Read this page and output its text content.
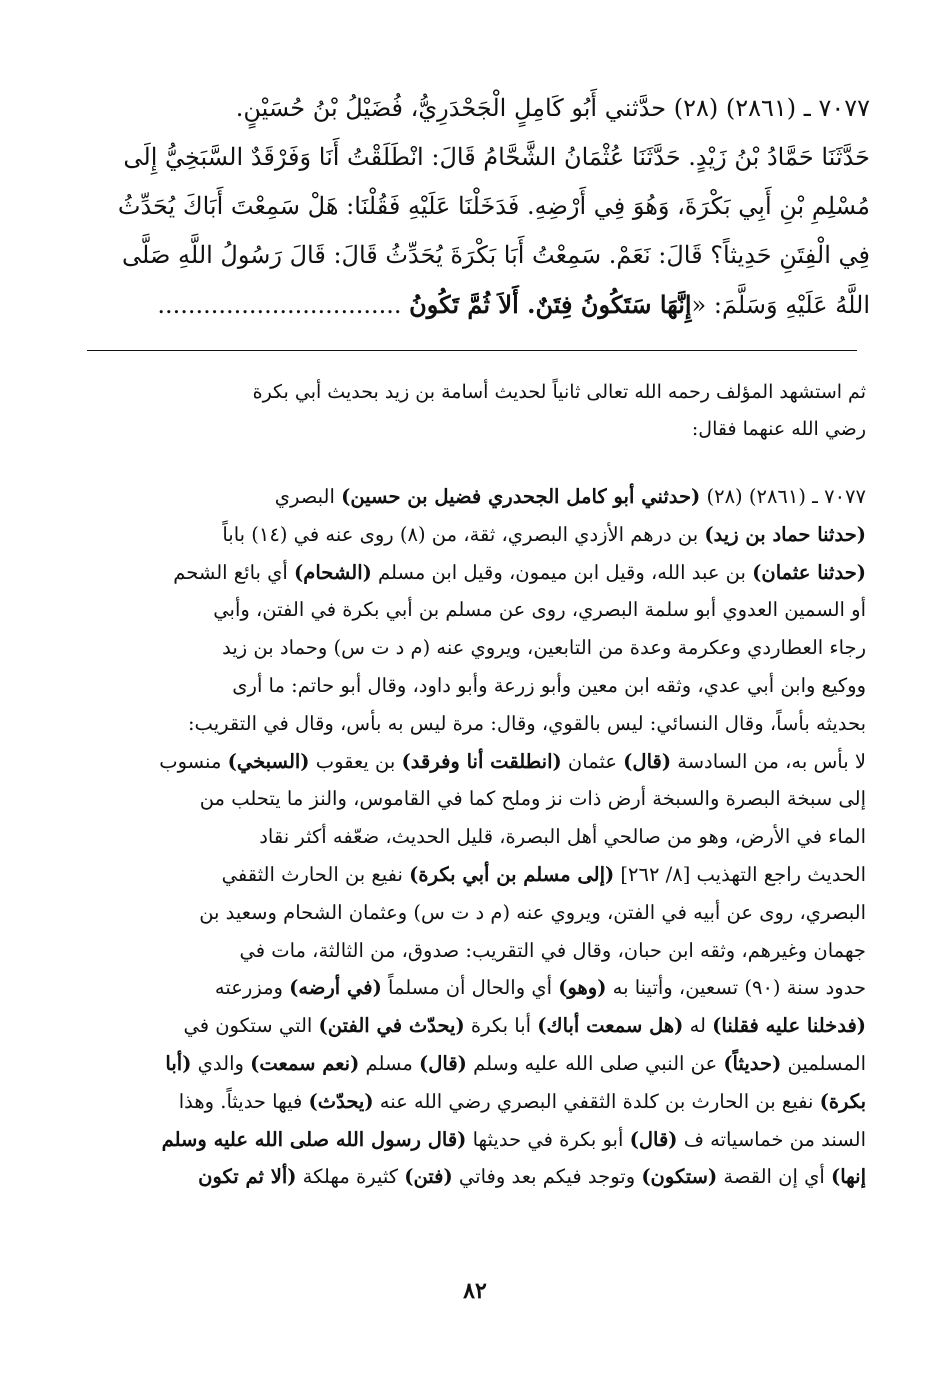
٧٠٧٧ ـ (٢٨٦١) (٢٨) حدَّثني أَبُو كَامِلٍ الْجَحْدَرِيُّ، فُضَيْلُ بْنُ حُسَيْنٍ.
حَدَّثَنَا حَمَّادُ بْنُ زَيْدٍ. حَدَّثَنَا عُثْمَانُ الشَّحَّامُ قَالَ: انْطَلَقْتُ أَنَا وَفَرْقَدٌ السَّبَخِيُّ إِلَى
مُسْلِمِ بْنِ أَبِي بَكْرَةَ، وَهُوَ فِي أَرْضِهِ. فَدَخَلْنَا عَلَيْهِ فَقُلْنَا: هَلْ سَمِعْتَ أَبَاكَ يُحَدِّثُ
فِي الْفِتَنِ حَدِيثاً؟ قَالَ: نَعَمْ. سَمِعْتُ أَبَا بَكْرَةَ يُحَدِّثُ قَالَ: قَالَ رَسُولُ اللَّهِ صَلَّى
اللَّهُ عَلَيْهِ وَسَلَّمَ: «إِنَّهَا سَتَكُونُ فِتَنٌ. أَلاَ ثُمَّ تَكُونُ ................................
ثم استشهد المؤلف رحمه الله تعالى ثانياً لحديث أسامة بن زيد بحديث أبي بكرة
رضي الله عنهما فقال:
٧٠٧٧ ـ (٢٨٦١) (٢٨) (حدثني أبو كامل الجحدري فضيل بن حسين) البصري
(حدثنا حماد بن زيد) بن درهم الأزدي البصري، ثقة، من (٨) روى عنه في (١٤) باباً
(حدثنا عثمان) بن عبد الله، وقيل ابن ميمون، وقيل ابن مسلم (الشحام) أي بائع الشحم
أو السمين العدوي أبو سلمة البصري، روى عن مسلم بن أبي بكرة في الفتن، وأبي
رجاء العطاردي وعكرمة وعدة من التابعين، ويروي عنه (م د ت س) وحماد بن زيد
ووكيع وابن أبي عدي، وثقه ابن معين وأبو زرعة وأبو داود، وقال أبو حاتم: ما أرى
بحديثه بأساً، وقال النسائي: ليس بالقوي، وقال: مرة ليس به بأس، وقال في التقريب:
لا بأس به، من السادسة (قال) عثمان (انطلقت أنا وفرقد) بن يعقوب (السبخي) منسوب
إلى سبخة البصرة والسبخة أرض ذات نز وملح كما في القاموس، والنز ما يتحلب من
الماء في الأرض، وهو من صالحي أهل البصرة، قليل الحديث، ضعّفه أكثر نقاد
الحديث راجع التهذيب [٨/ ٢٦٢] (إلى مسلم بن أبي بكرة) نفيع بن الحارث الثقفي
البصري، روى عن أبيه في الفتن، ويروي عنه (م د ت س) وعثمان الشحام وسعيد بن
جهمان وغيرهم، وثقه ابن حبان، وقال في التقريب: صدوق، من الثالثة، مات في
حدود سنة (٩٠) تسعين، وأتينا به (وهو) أي والحال أن مسلماً (في أرضه) ومزرعته
(فدخلنا عليه فقلنا) له (هل سمعت أباك) أبا بكرة (يحدّث في الفتن) التي ستكون في
المسلمين (حديثاً) عن النبي صلى الله عليه وسلم (قال) مسلم (نعم سمعت) والدي (أبا
بكرة) نفيع بن الحارث بن كلدة الثقفي البصري رضي الله عنه (يحدّث) فيها حديثاً. وهذا
السند من خماسياته ف (قال) أبو بكرة في حديثها (قال رسول الله صلى الله عليه وسلم
إنها) أي إن القصة (ستكون) وتوجد فيكم بعد وفاتي (فتن) كثيرة مهلكة (ألا ثم تكون
٨٢
